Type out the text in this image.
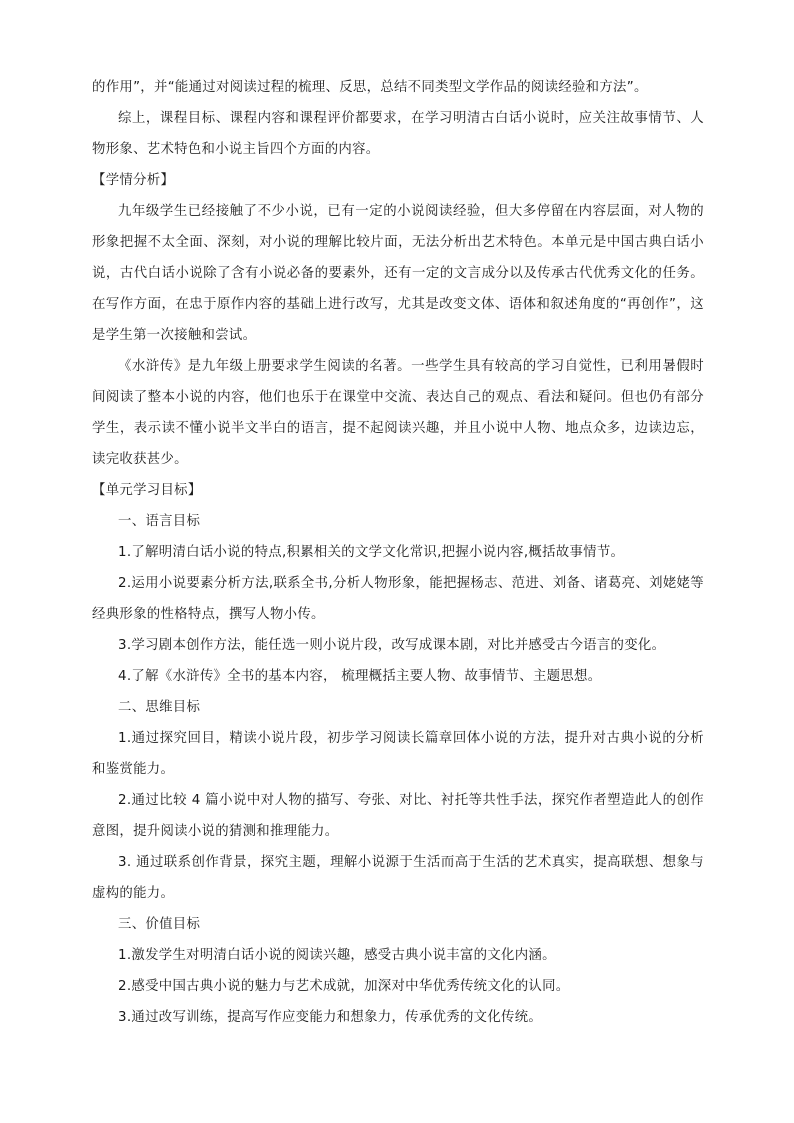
的作用”，并“能通过对阅读过程的梳理、反思，总结不同类型文学作品的阅读经验和方法”。

综上，课程目标、课程内容和课程评价都要求，在学习明清古白话小说时，应关注故事情节、人物形象、艺术特色和小说主旨四个方面的内容。

【学情分析】

九年级学生已经接触了不少小说，已有一定的小说阅读经验，但大多停留在内容层面，对人物的形象把握不太全面、深刻，对小说的理解比较片面，无法分析出艺术特色。本单元是中国古典白话小说，古代白话小说除了含有小说必备的要素外，还有一定的文言成分以及传承古代优秀文化的任务。在写作方面，在忠于原作内容的基础上进行改写，尤其是改变文体、语体和叙述角度的“再创作”，这是学生第一次接触和尝试。

《水浒传》是九年级上册要求学生阅读的名著。一些学生具有较高的学习自觉性，已利用暑假时间阅读了整本小说的内容，他们也乐于在课堂中交流、表达自己的观点、看法和疑问。但也仍有部分学生，表示读不懂小说半文半白的语言，提不起阅读兴趣，并且小说中人物、地点众多，边读边忘，读完收获甚少。

【单元学习目标】

一、语言目标

1.了解明清白话小说的特点,积累相关的文学文化常识,把握小说内容,概括故事情节。

2.运用小说要素分析方法,联系全书,分析人物形象，能把握杨志、范进、刘备、诸葛亮、刘姥姥等经典形象的性格特点，撰写人物小传。

3.学习剧本创作方法，能任选一则小说片段，改写成课本剧，对比并感受古今语言的变化。

4.了解《水浒传》全书的基本内容， 梳理概括主要人物、故事情节、主题思想。

二、思维目标

1.通过探究回目，精读小说片段，初步学习阅读长篇章回体小说的方法，提升对古典小说的分析和鉴赏能力。

2.通过比较 4 篇小说中对人物的描写、夸张、对比、衬托等共性手法，探究作者塑造此人的创作意图，提升阅读小说的猜测和推理能力。

3. 通过联系创作背景，探究主题，理解小说源于生活而高于生活的艺术真实，提高联想、想象与虚构的能力。

三、价值目标

1.激发学生对明清白话小说的阅读兴趣，感受古典小说丰富的文化内涵。

2.感受中国古典小说的魅力与艺术成就，加深对中华优秀传统文化的认同。

3.通过改写训练，提高写作应变能力和想象力，传承优秀的文化传统。
